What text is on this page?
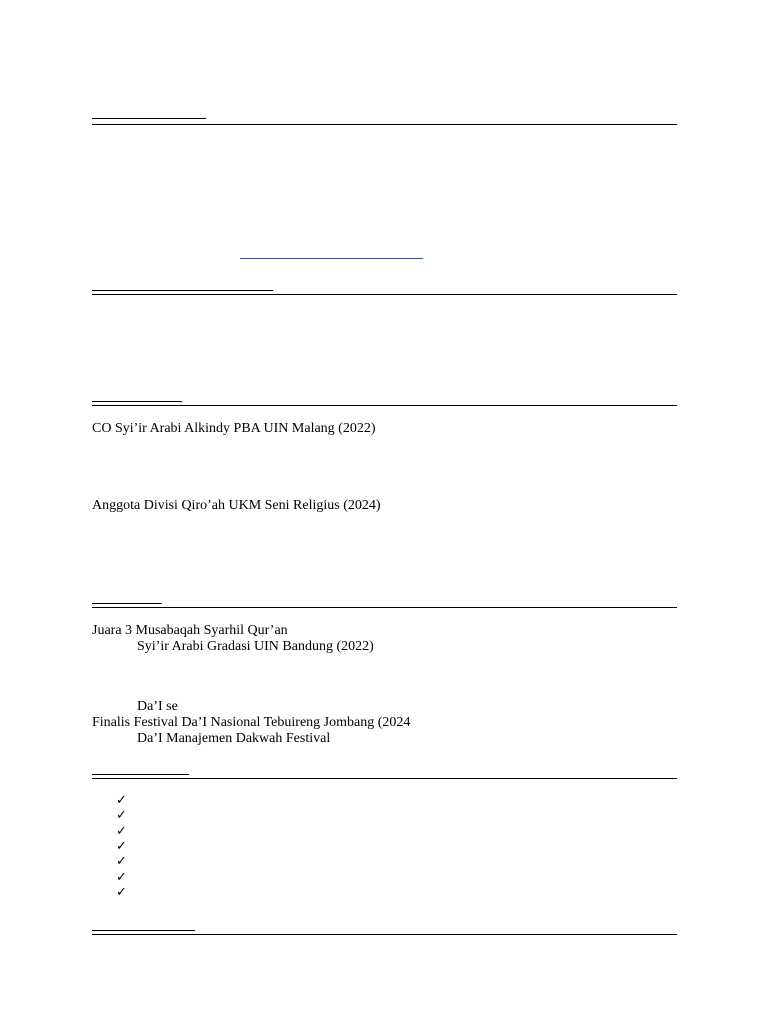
CO Syi’ir Arabi Alkindy PBA UIN Malang (2022)
Anggota Divisi Qiro’ah UKM Seni Religius (2024)
Juara 3 Musabaqah Syarhil Qur’an
Syi’ir Arabi Gradasi UIN Bandung (2022)
Da’I se
Finalis Festival Da’I Nasional Tebuireng Jombang (2024
Da’I Manajemen Dakwah Festival
✓
✓
✓
✓
✓
✓
✓
